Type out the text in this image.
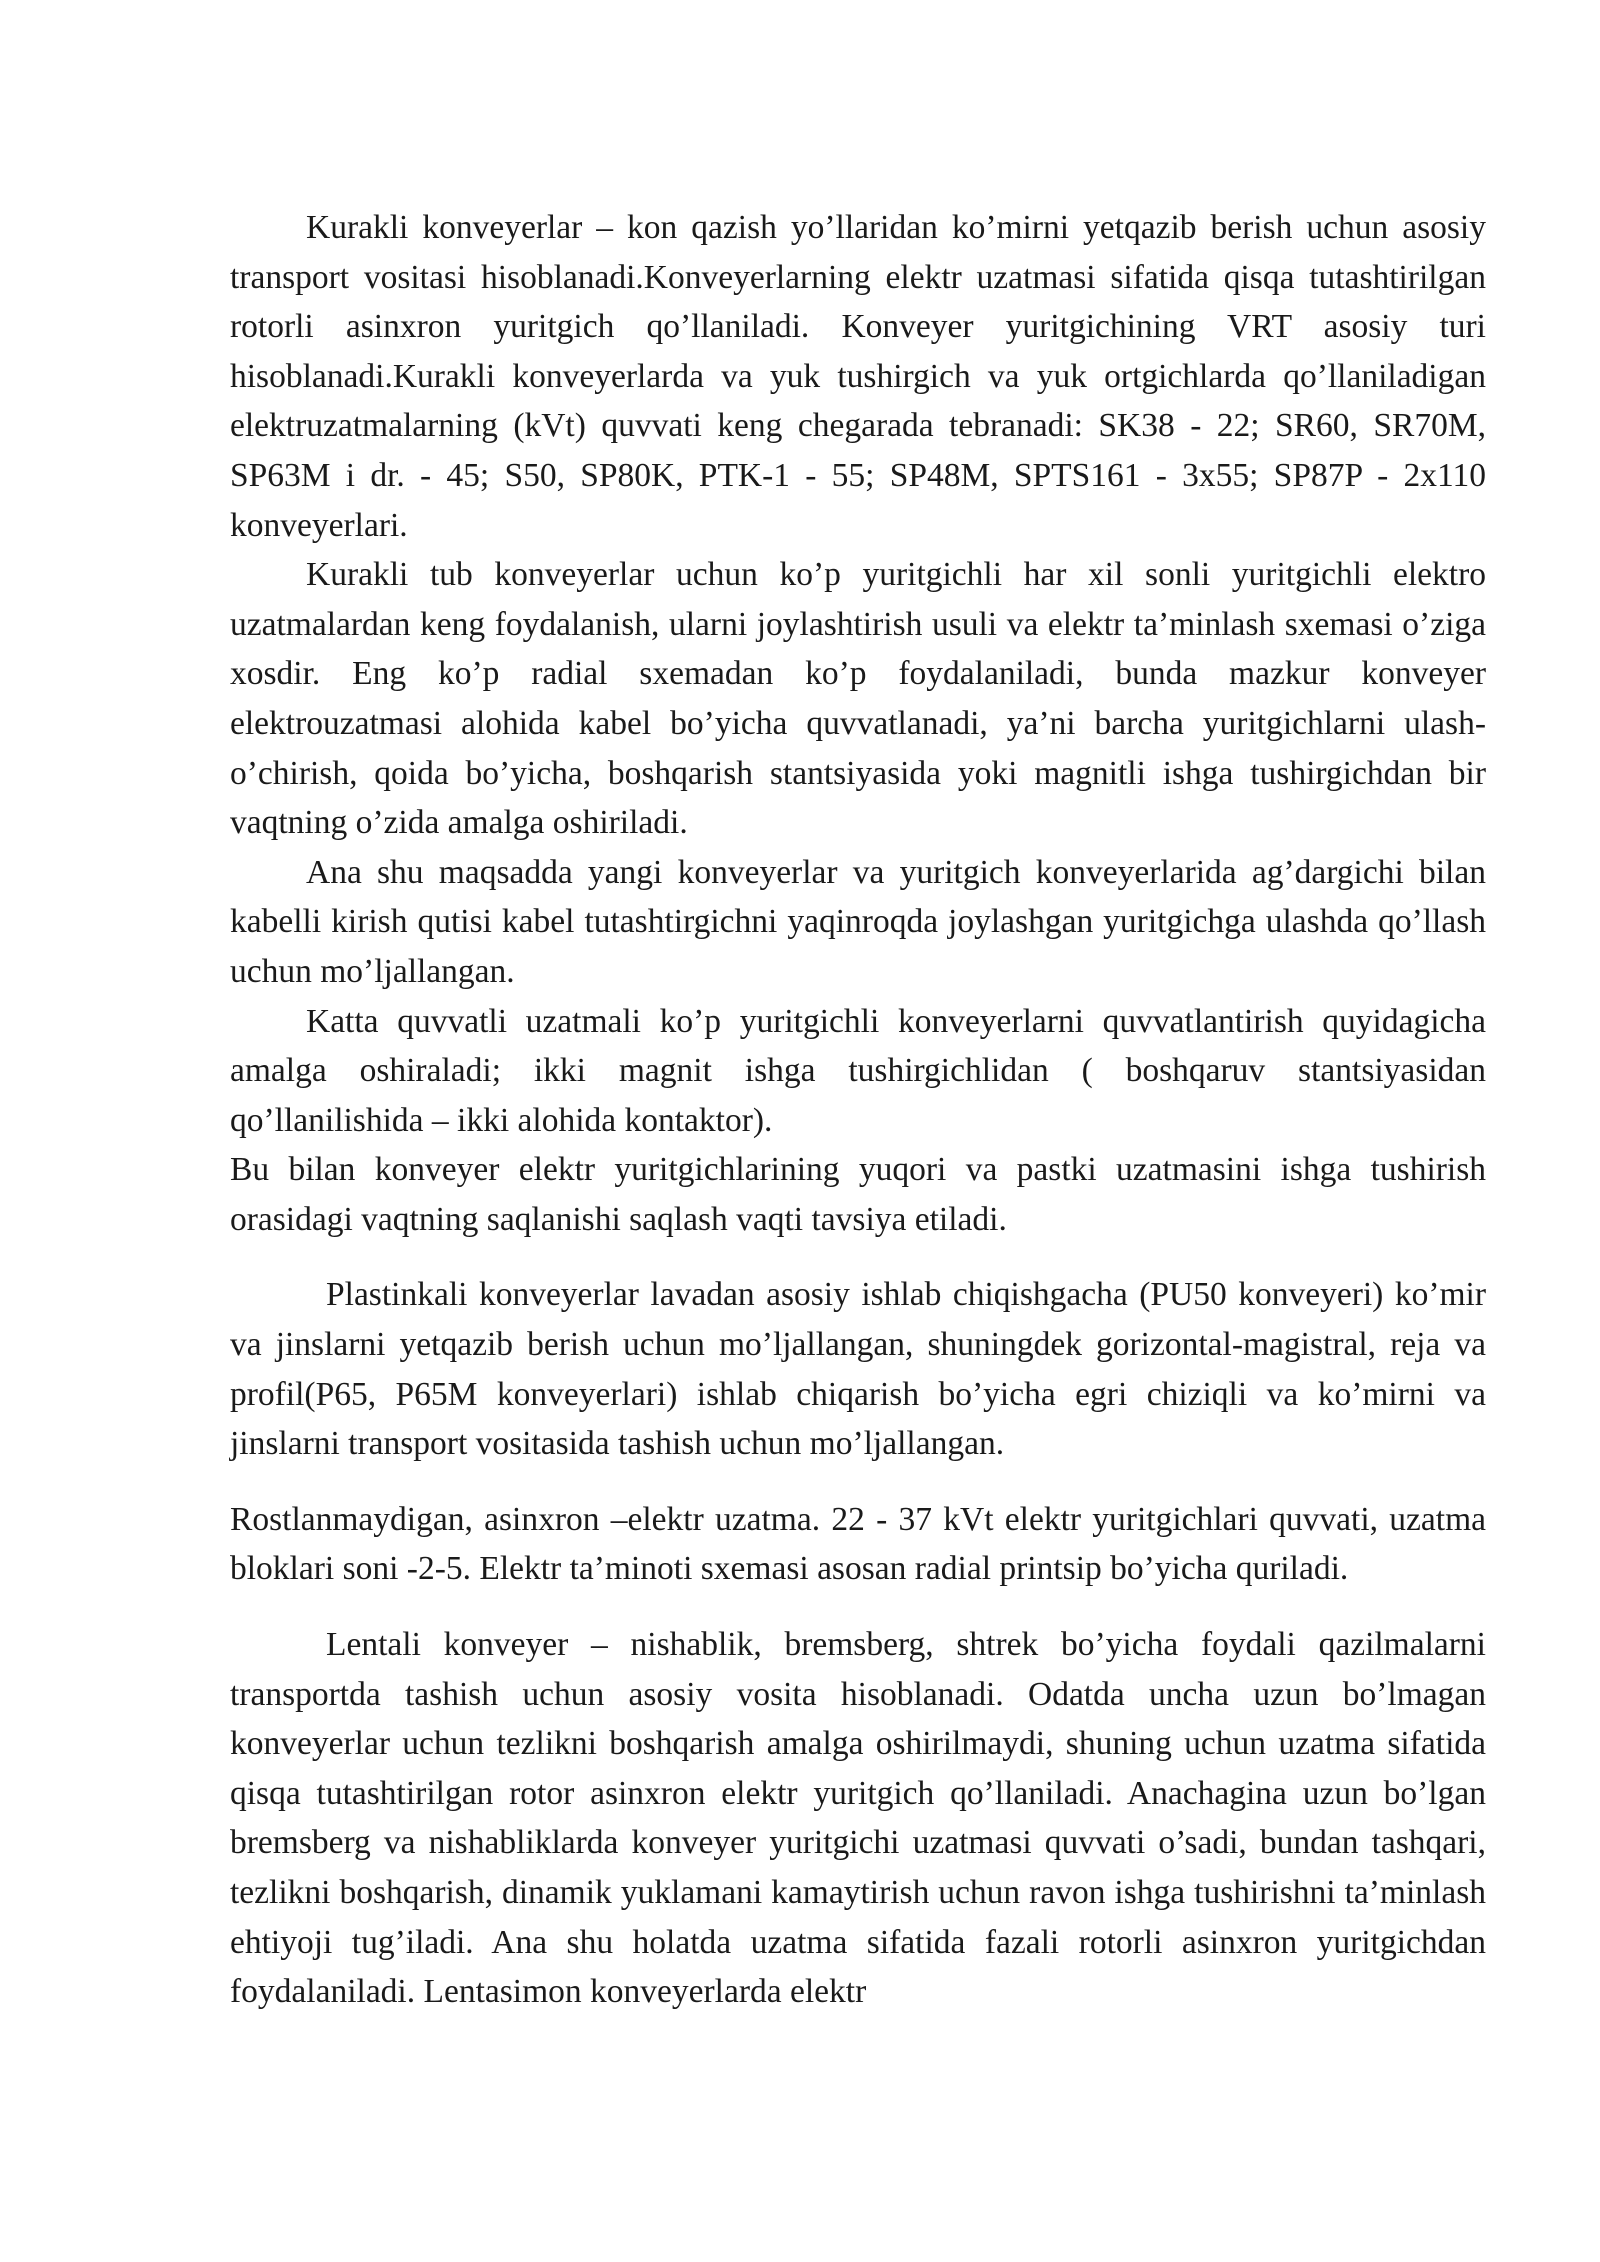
Kurakli konveyerlar – kon qazish yo’llaridan ko’mirni yetqazib berish uchun asosiy transport vositasi hisoblanadi.Konveyerlarning elektr uzatmasi sifatida qisqa tutashtirilgan rotorli asinxron yuritgich qo’llaniladi. Konveyer yuritgichining VRT asosiy turi hisoblanadi.Kurakli konveyerlarda va yuk tushirgich va yuk ortgichlarda qo’llaniladigan elektruzatmalarning (kVt) quvvati keng chegarada tebranadi: SK38 - 22; SR60, SR70M, SP63M i dr. - 45; S50, SP80K, PTK-1 - 55; SP48M, SPTS161 - 3x55; SP87P - 2x110 konveyerlari.

Kurakli tub konveyerlar uchun ko’p yuritgichli har xil sonli yuritgichli elektro uzatmalardan keng foydalanish, ularni joylashtirish usuli va elektr ta’minlash sxemasi o’ziga xosdir. Eng ko’p radial sxemadan ko’p foydalaniladi, bunda mazkur konveyer elektrouzatmasi alohida kabel bo’yicha quvvatlanadi, ya’ni barcha yuritgichlarni ulash-o’chirish, qoida bo’yicha, boshqarish stantsiyasida yoki magnitli ishga tushirgichdan bir vaqtning o’zida amalga oshiriladi.

Ana shu maqsadda yangi konveyerlar va yuritgich konveyerlarida ag’dargichi bilan kabelli kirish qutisi kabel tutashtirgichni yaqinroqda joylashgan yuritgichga ulashda qo’llash uchun mo’ljallangan.

Katta quvvatli uzatmali ko’p yuritgichli konveyerlarni quvvatlantirish quyidagicha amalga oshiraladi; ikki magnit ishga tushirgichlidan ( boshqaruv stantsiyasidan qo’llanilishida – ikki alohida kontaktor).

Bu bilan konveyer elektr yuritgichlarining yuqori va pastki uzatmasini ishga tushirish orasidagi vaqtning saqlanishi saqlash vaqti tavsiya etiladi.

Plastinkali konveyerlar lavadan asosiy ishlab chiqishgacha (PU50 konveyeri) ko’mir va jinslarni yetqazib berish uchun mo’ljallangan, shuningdek gorizontal-magistral, reja va profil(P65, P65M konveyerlari) ishlab chiqarish bo’yicha egri chiziqli va ko’mirni va jinslarni transport vositasida tashish uchun mo’ljallangan.

Rostlanmaydigan, asinxron –elektr uzatma. 22 - 37 kVt elektr yuritgichlari quvvati, uzatma bloklari soni -2-5. Elektr ta’minoti sxemasi asosan radial printsip bo’yicha quriladi.

Lentali konveyer – nishablik, bremsberg, shtrek bo’yicha foydali qazilmalarni transportda tashish uchun asosiy vosita hisoblanadi. Odatda uncha uzun bo’lmagan konveyerlar uchun tezlikni boshqarish amalga oshirilmaydi, shuning uchun uzatma sifatida qisqa tutashtirilgan rotor asinxron elektr yuritgich qo’llaniladi. Anachagina uzun bo’lgan bremsberg va nishabliklarda konveyer yuritgichi uzatmasi quvvati o’sadi, bundan tashqari, tezlikni boshqarish, dinamik yuklamani kamaytirish uchun ravon ishga tushirishni ta’minlash ehtiyoji tug’iladi. Ana shu holatda uzatma sifatida fazali rotorli asinxron yuritgichdan foydalaniladi. Lentasimon konveyerlarda elektr
